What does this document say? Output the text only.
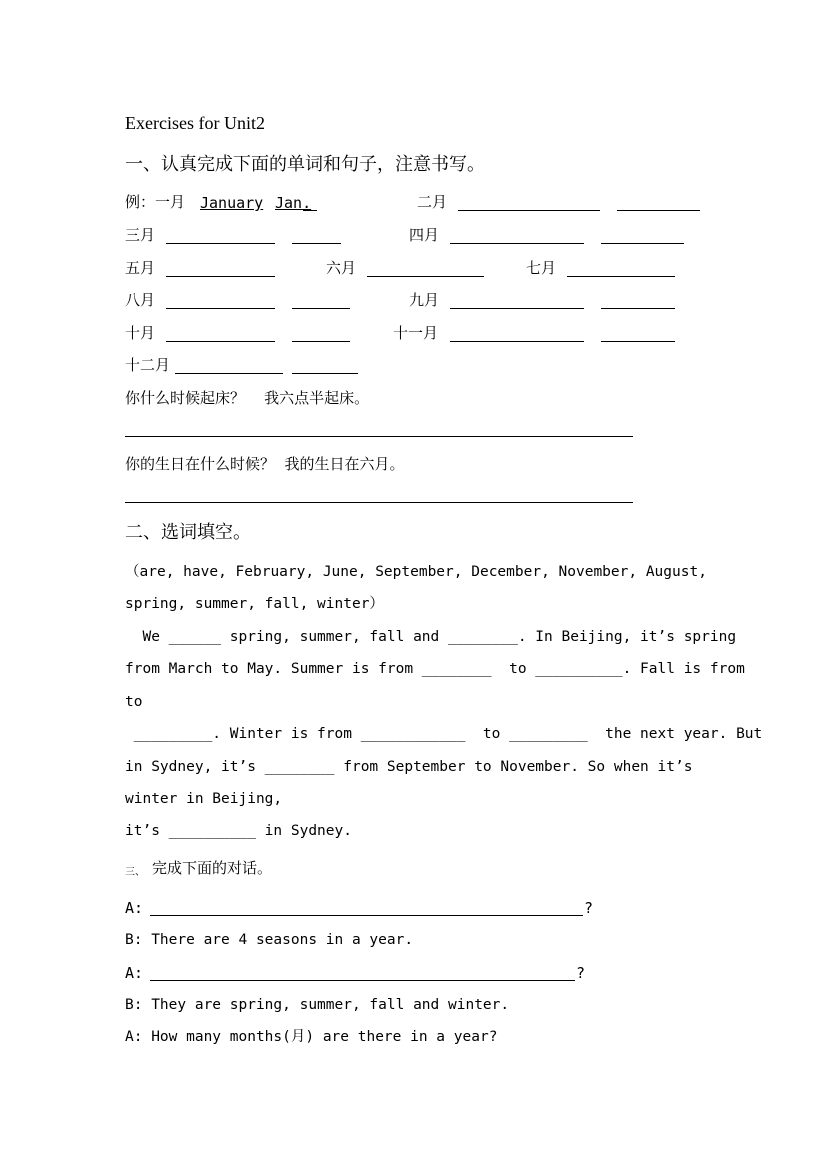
Exercises for Unit2
一、认真完成下面的单词和句子，注意书写。
例：一月 January Jan.	二月
三月	四月
五月	六月	七月
八月	九月
十月	十一月
十二月
你什么时候起床？    我六点半起床。
你的生日在什么时候？  我的生日在六月。
二、选词填空。
（are, have, February, June, September, December, November, August,
spring, summer, fall, winter）
We ______ spring, summer, fall and ________. In Beijing, it’s spring
from March to May. Summer is from ________  to __________. Fall is from
to
_________. Winter is from ____________  to _________  the next year. But
in Sydney, it’s ________ from September to November. So when it’s
winter in Beijing,
it’s __________ in Sydney.
三、 完成下面的对话。
A:	?
B: There are 4 seasons in a year.
A:	?
B: They are spring, summer, fall and winter.
A: How many months(月) are there in a year?
